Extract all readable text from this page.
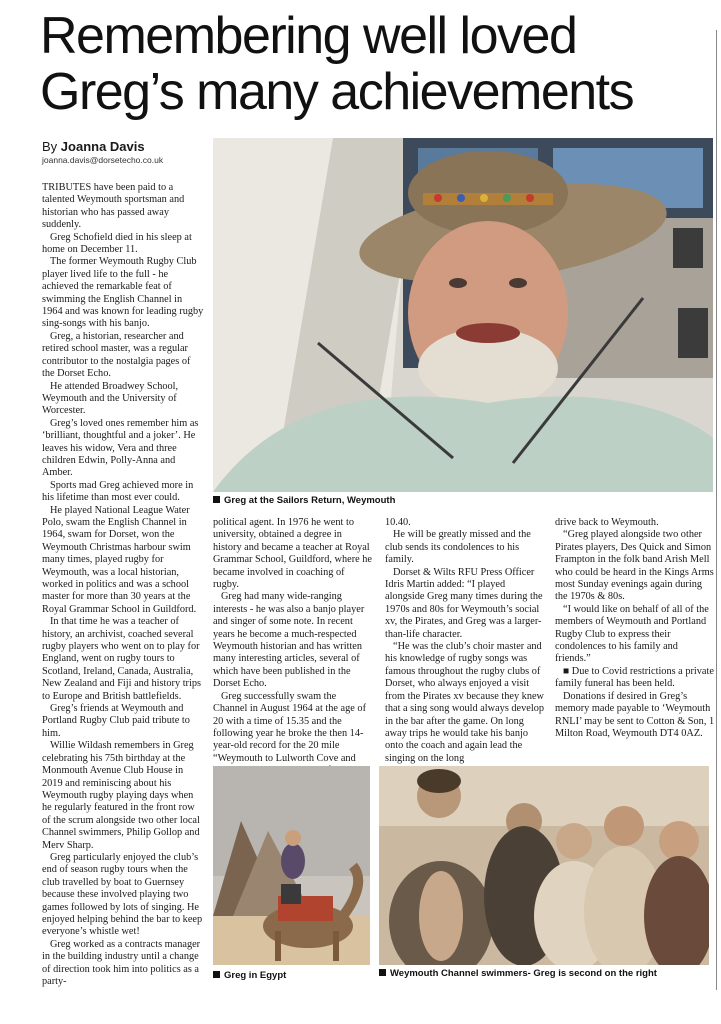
Remembering well loved
Greg’s many achievements
By Joanna Davis
joanna.davis@dorsetecho.co.uk
Greg at the Sailors Return, Weymouth

TRIBUTES have been paid to a talented Weymouth sportsman and historian who has passed away suddenly.

Greg Schofield died in his sleep at home on December 11.

The former Weymouth Rugby Club player lived life to the full - he achieved the remarkable feat of swimming the English Channel in 1964 and was known for leading rugby sing-songs with his banjo.

Greg, a historian, researcher and retired school master, was a regular contributor to the nostalgia pages of the Dorset Echo.

He attended Broadwey School, Weymouth and the University of Worcester.

Greg’s loved ones remember him as ‘brilliant, thoughtful and a joker’. He leaves his widow, Vera and three children Edwin, Polly-Anna and Amber.

Sports mad Greg achieved more in his lifetime than most ever could.

He played National League Water Polo, swam the English Channel in 1964, swam for Dorset, won the Weymouth Christmas harbour swim many times, played rugby for Weymouth, was a local historian, worked in politics and was a school master for more than 30 years at the Royal Grammar School in Guildford.

In that time he was a teacher of history, an archivist, coached several rugby players who went on to play for England, went on rugby tours to Scotland, Ireland, Canada, Australia, New Zealand and Fiji and history trips to Europe and British battlefields.

Greg’s friends at Weymouth and Portland Rugby Club paid tribute to him.

Willie Wildash remembers in Greg celebrating his 75th birthday at the Monmouth Avenue Club House in 2019 and reminiscing about his Weymouth rugby playing days when he regularly featured in the front row of the scrum alongside two other local Channel swimmers, Philip Gollop and Merv Sharp.

Greg particularly enjoyed the club’s end of season rugby tours when the club travelled by boat to Guernsey because these involved playing two games followed by lots of singing. He enjoyed helping behind the bar to keep everyone’s whistle wet!

Greg worked as a contracts manager in the building industry until a change of direction took him into politics as a party-

political agent. In 1976 he went to university, obtained a degree in history and became a teacher at Royal Grammar School, Guildford, where he became involved in coaching of rugby.

Greg had many wide-ranging interests - he was also a banjo player and singer of some note. In recent years he become a much-respected Weymouth historian and has written many interesting articles, several of which have been published in the Dorset Echo.

Greg successfully swam the Channel in August 1964 at the age of 20 with a time of 15.35 and the following year he broke the then 14-year-old record for the 20 mile “Weymouth to Lulworth Cove and

10.40.

He will be greatly missed and the club sends its condolences to his family.

Dorset & Wilts RFU Press Officer Idris Martin added: “I played alongside Greg many times during the 1970s and 80s for Weymouth’s social xv, the Pirates, and Greg was a larger-than-life character.

“He was the club’s choir master and his knowledge of rugby songs was famous throughout the rugby clubs of Dorset, who always enjoyed a visit from the Pirates xv because they knew that a sing song would always develop in the bar after the game. On long away trips he would take his banjo onto the coach and again lead the singing on the long

drive back to Weymouth.

“Greg played alongside two other Pirates players, Des Quick and Simon Frampton in the folk band Arish Mell who could be heard in the Kings Arms most Sunday evenings again during the 1970s & 80s.

“I would like on behalf of all of the members of Weymouth and Portland Rugby Club to express their condolences to his family and friends.”

■ Due to Covid restrictions a private family funeral has been held.

Donations if desired in Greg’s memory made payable to ‘Weymouth RNLI’ may be sent to Cotton & Son, 1 Milton Road, Weymouth DT4 0AZ.

Greg in Egypt	Weymouth Channel swimmers- Greg is second on the right
